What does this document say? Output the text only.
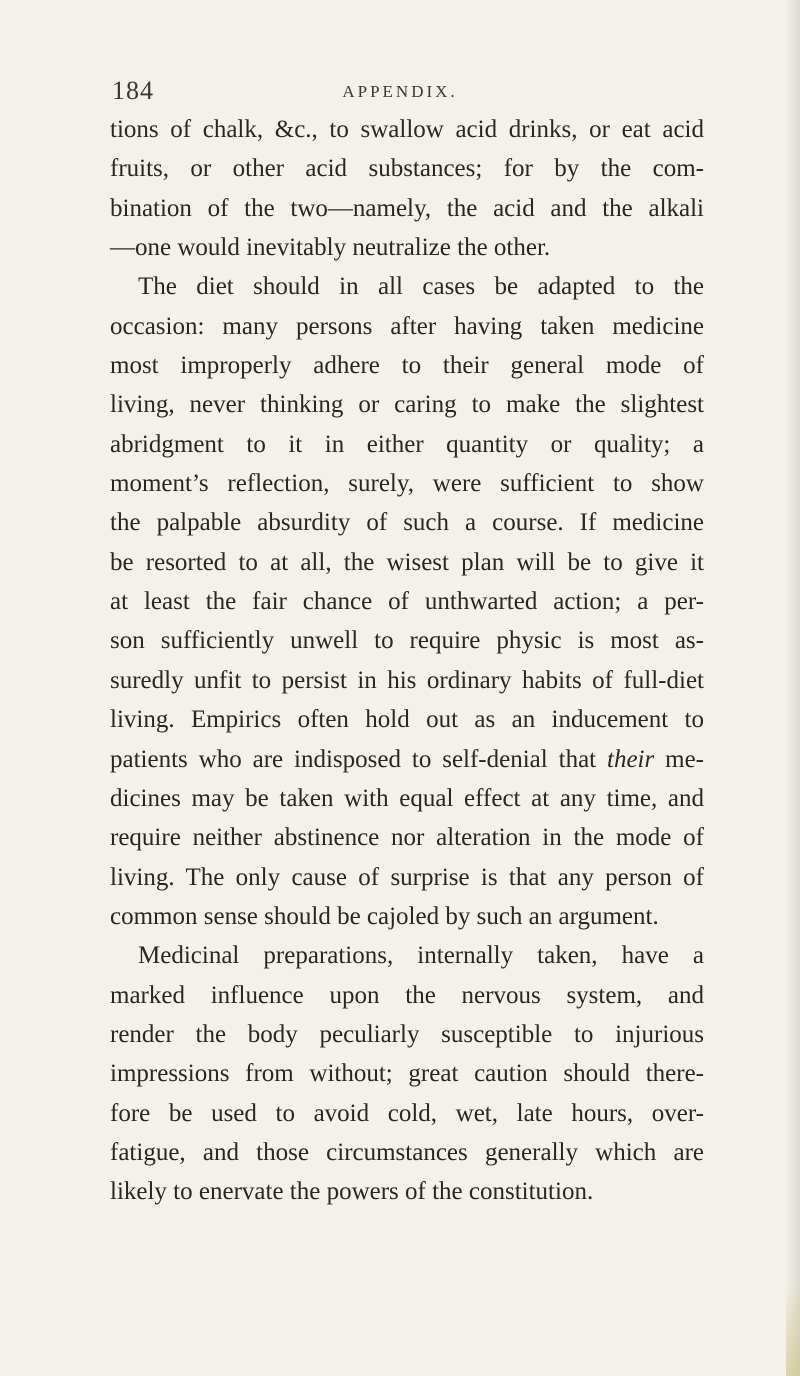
184	APPENDIX.
tions of chalk, &c., to swallow acid drinks, or eat acid
fruits, or other acid substances; for by the com-
bination of the two—namely, the acid and the alkali
—one would inevitably neutralize the other.
The diet should in all cases be adapted to the
occasion: many persons after having taken medicine
most improperly adhere to their general mode of
living, never thinking or caring to make the slightest
abridgment to it in either quantity or quality; a
moment’s reflection, surely, were sufficient to show
the palpable absurdity of such a course. If medicine
be resorted to at all, the wisest plan will be to give it
at least the fair chance of unthwarted action; a per-
son sufficiently unwell to require physic is most as-
suredly unfit to persist in his ordinary habits of full-diet
living. Empirics often hold out as an inducement to
patients who are indisposed to self-denial that their me-
dicines may be taken with equal effect at any time, and
require neither abstinence nor alteration in the mode of
living. The only cause of surprise is that any person of
common sense should be cajoled by such an argument.
Medicinal preparations, internally taken, have a
marked influence upon the nervous system, and
render the body peculiarly susceptible to injurious
impressions from without; great caution should there-
fore be used to avoid cold, wet, late hours, over-
fatigue, and those circumstances generally which are
likely to enervate the powers of the constitution.
